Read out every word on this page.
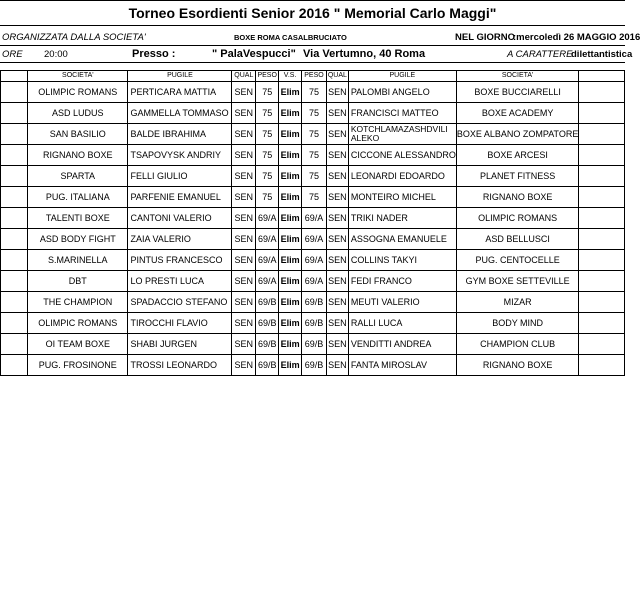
Torneo Esordienti Senior 2016 " Memorial Carlo Maggi"
ORGANIZZATA DALLA SOCIETA'	BOXE ROMA CASALBRUCIATO	NEL GIORNO
:mercoledì 26 MAGGIO 2016
ORE 20:00	Presso :	" PalaVespucci" Via Vertumno, 40 Roma	A CARATTERE
dilettantistica
	SOCIETA'	PUGILE	QUAL	PESO	V.S.	PESO	QUAL	PUGILE	SOCIETA'	
	OLIMPIC ROMANS	PERTICARA MATTIA	SEN	75	Elim	75	SEN	PALOMBI ANGELO	BOXE BUCCIARELLI	
	ASD LUDUS	GAMMELLA TOMMASO	SEN	75	Elim	75	SEN	FRANCISCI MATTEO	BOXE ACADEMY	
	SAN BASILIO	BALDE IBRAHIMA	SEN	75	Elim	75	SEN	KOTCHLAMAZASHDVILI ALEKO	BOXE ALBANO ZOMPATORE	
	RIGNANO BOXE	TSAPOVYSK ANDRIY	SEN	75	Elim	75	SEN	CICCONE ALESSANDRO	BOXE ARCESI	
	SPARTA	FELLI GIULIO	SEN	75	Elim	75	SEN	LEONARDI EDOARDO	PLANET FITNESS	
	PUG. ITALIANA	PARFENIE EMANUEL	SEN	75	Elim	75	SEN	MONTEIRO MICHEL	RIGNANO BOXE	
	TALENTI BOXE	CANTONI VALERIO	SEN	69/A	Elim	69/A	SEN	TRIKI NADER	OLIMPIC ROMANS	
	ASD BODY FIGHT	ZAIA VALERIO	SEN	69/A	Elim	69/A	SEN	ASSOGNA EMANUELE	ASD BELLUSCI	
	S.MARINELLA	PINTUS FRANCESCO	SEN	69/A	Elim	69/A	SEN	COLLINS TAKYI	PUG. CENTOCELLE	
	DBT	LO PRESTI LUCA	SEN	69/A	Elim	69/A	SEN	FEDI FRANCO	GYM BOXE SETTEVILLE	
	THE CHAMPION	SPADACCIO STEFANO	SEN	69/B	Elim	69/B	SEN	MEUTI VALERIO	MIZAR	
	OLIMPIC ROMANS	TIROCCHI FLAVIO	SEN	69/B	Elim	69/B	SEN	RALLI LUCA	BODY MIND	
	OI TEAM BOXE	SHABI JURGEN	SEN	69/B	Elim	69/B	SEN	VENDITTI ANDREA	CHAMPION CLUB	
	PUG. FROSINONE	TROSSI LEONARDO	SEN	69/B	Elim	69/B	SEN	FANTA MIROSLAV	RIGNANO BOXE	
